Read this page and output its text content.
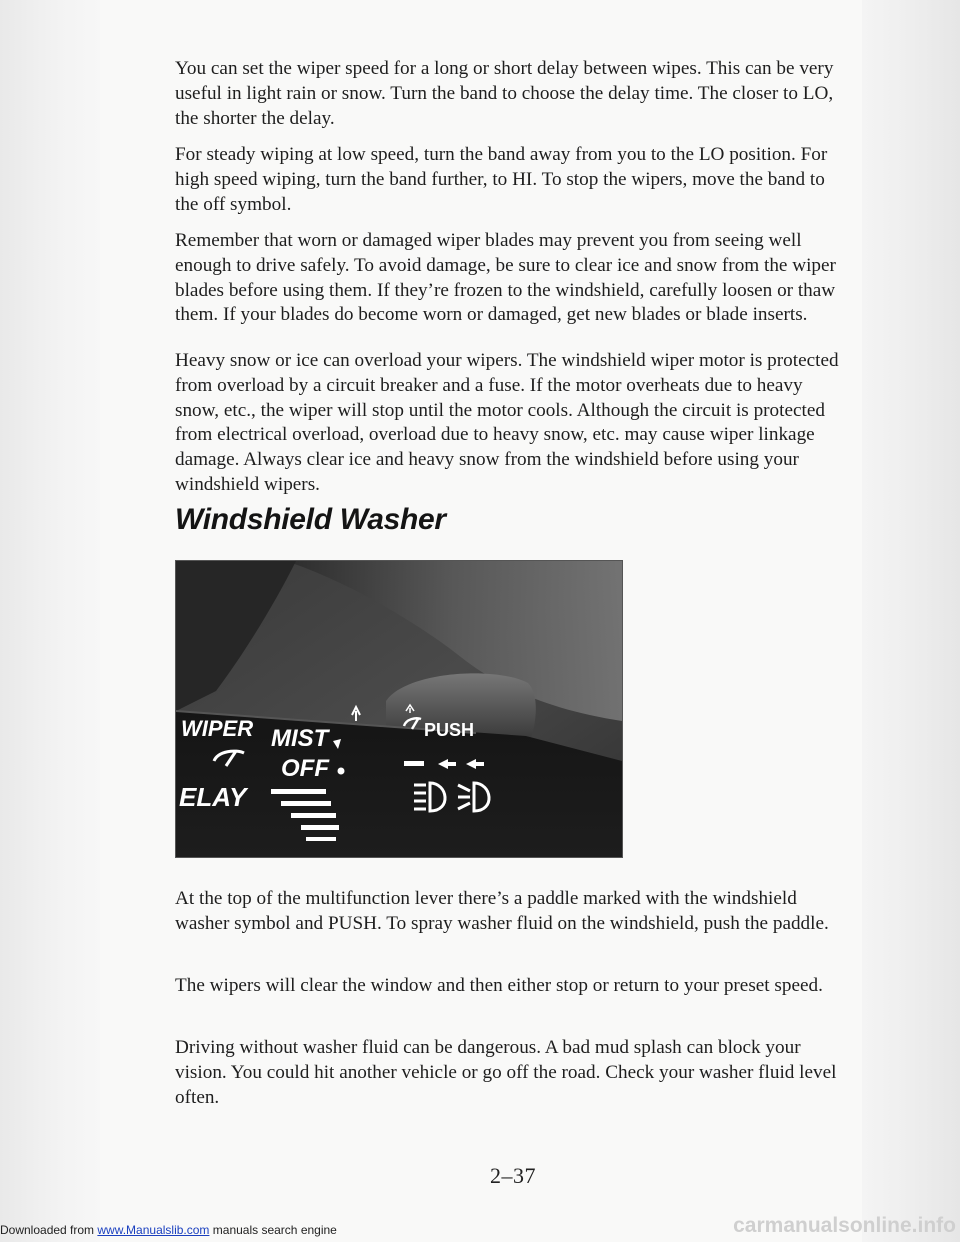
You can set the wiper speed for a long or short delay between wipes. This can be very useful in light rain or snow. Turn the band to choose the delay time. The closer to LO, the shorter the delay.

For steady wiping at low speed, turn the band away from you to the LO position. For high speed wiping, turn the band further, to HI. To stop the wipers, move the band to the off symbol.

Remember that worn or damaged wiper blades may prevent you from seeing well enough to drive safely. To avoid damage, be sure to clear ice and snow from the wiper blades before using them. If they’re frozen to the windshield, carefully loosen or thaw them. If your blades do become worn or damaged, get new blades or blade inserts.

Heavy snow or ice can overload your wipers. The windshield wiper motor is protected from overload by a circuit breaker and a fuse. If the motor overheats due to heavy snow, etc., the wiper will stop until the motor cools. Although the circuit is protected from electrical overload, overload due to heavy snow, etc. may cause wiper linkage damage. Always clear ice and heavy snow from the windshield before using your windshield wipers.

Windshield Washer
WIPER MIST
OFF
ELAY
PUSH

At the top of the multifunction lever there’s a paddle marked with the windshield washer symbol and PUSH. To spray washer fluid on the windshield, push the paddle.

The wipers will clear the window and then either stop or return to your preset speed.

Driving without washer fluid can be dangerous. A bad mud splash can block your vision. You could hit another vehicle or go off the road. Check your washer fluid level often.

2–37

Downloaded from www.Manualslib.com manuals search engine	carmanualsonline.info
